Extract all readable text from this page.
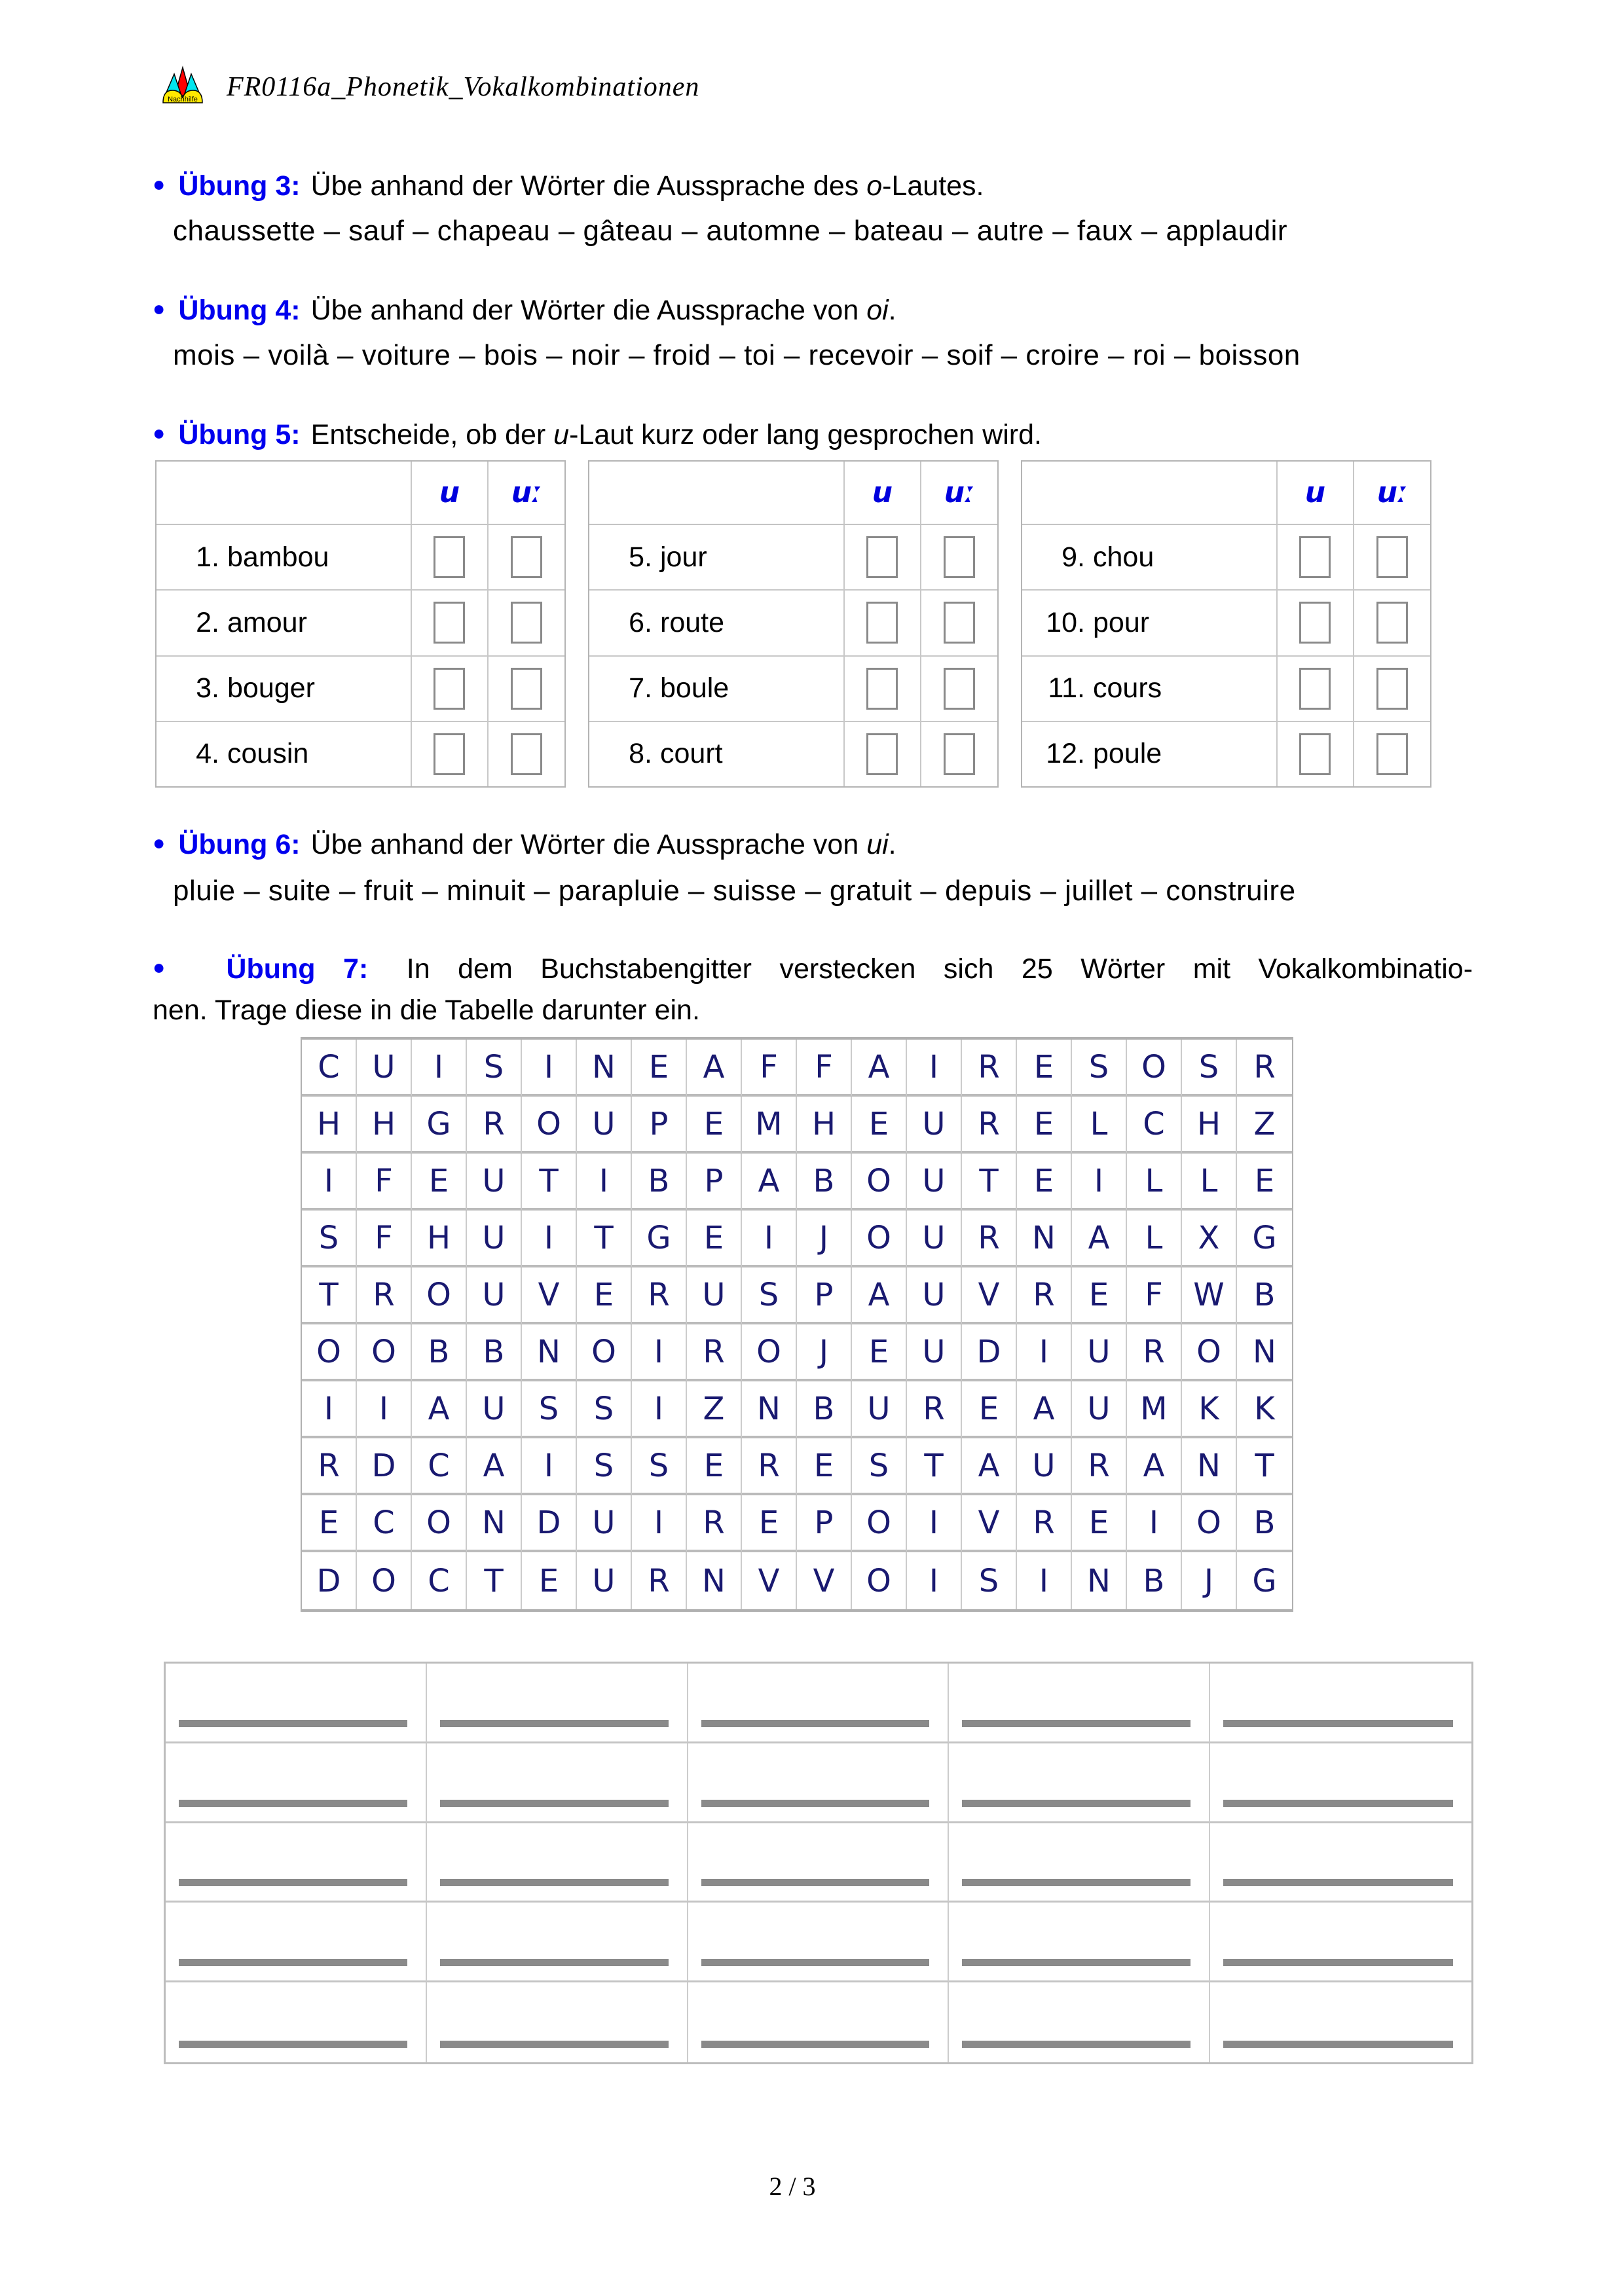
Nachhilfe FR0116a_Phonetik_Vokalkombinationen
● Übung 3: Übe anhand der Wörter die Aussprache des o-Lautes.
chaussette – sauf – chapeau – gâteau – automne – bateau – autre – faux – applaudir
● Übung 4: Übe anhand der Wörter die Aussprache von oi.
mois – voilà – voiture – bois – noir – froid – toi – recevoir – soif – croire – roi – boisson
● Übung 5: Entscheide, ob der u-Laut kurz oder lang gesprochen wird.
u	uː
1. bambou
2. amour
3. bouger
4. cousin
u	uː
5. jour
6. route
7. boule
8. court
u	uː
9. chou
10. pour
11. cours
12. poule
● Übung 6: Übe anhand der Wörter die Aussprache von ui.
pluie – suite – fruit – minuit – parapluie – suisse – gratuit – depuis – juillet – construire
● Übung 7: In dem Buchstabengitter verstecken sich 25 Wörter mit Vokalkombinatio-
nen. Trage diese in die Tabelle darunter ein.
C	U	I	S	I	N	E	A	F	F	A	I	R	E	S	O	S	R
H H G	R	O U	P	E	M H	E	U	R	E	L	C	H	Z
I	F	E	U	T	I	B	P	A	B	O U	T	E	I	L	L	E
S	F	H	U	I	T	G	E	I	J	O U	R	N	A	L	X	G
T	R	O U	V	E	R	U	S	P	A	U	V	R	E	F W B
O O	B	B	N O	I	R	O	J	E	U D	I	U	R	O	N
I	I	A	U	S	S	I	Z	N	B	U	R	E	A	U M K	K
R	D	C	A	I	S	S	E	R	E	S	T	A	U	R	A	N	T
E	C	O N D U	I	R	E	P	O	I	V	R	E	I	O	B
D O	C	T	E	U	R	N	V	V	O	I	S	I	N	B	J	G
2 / 3
